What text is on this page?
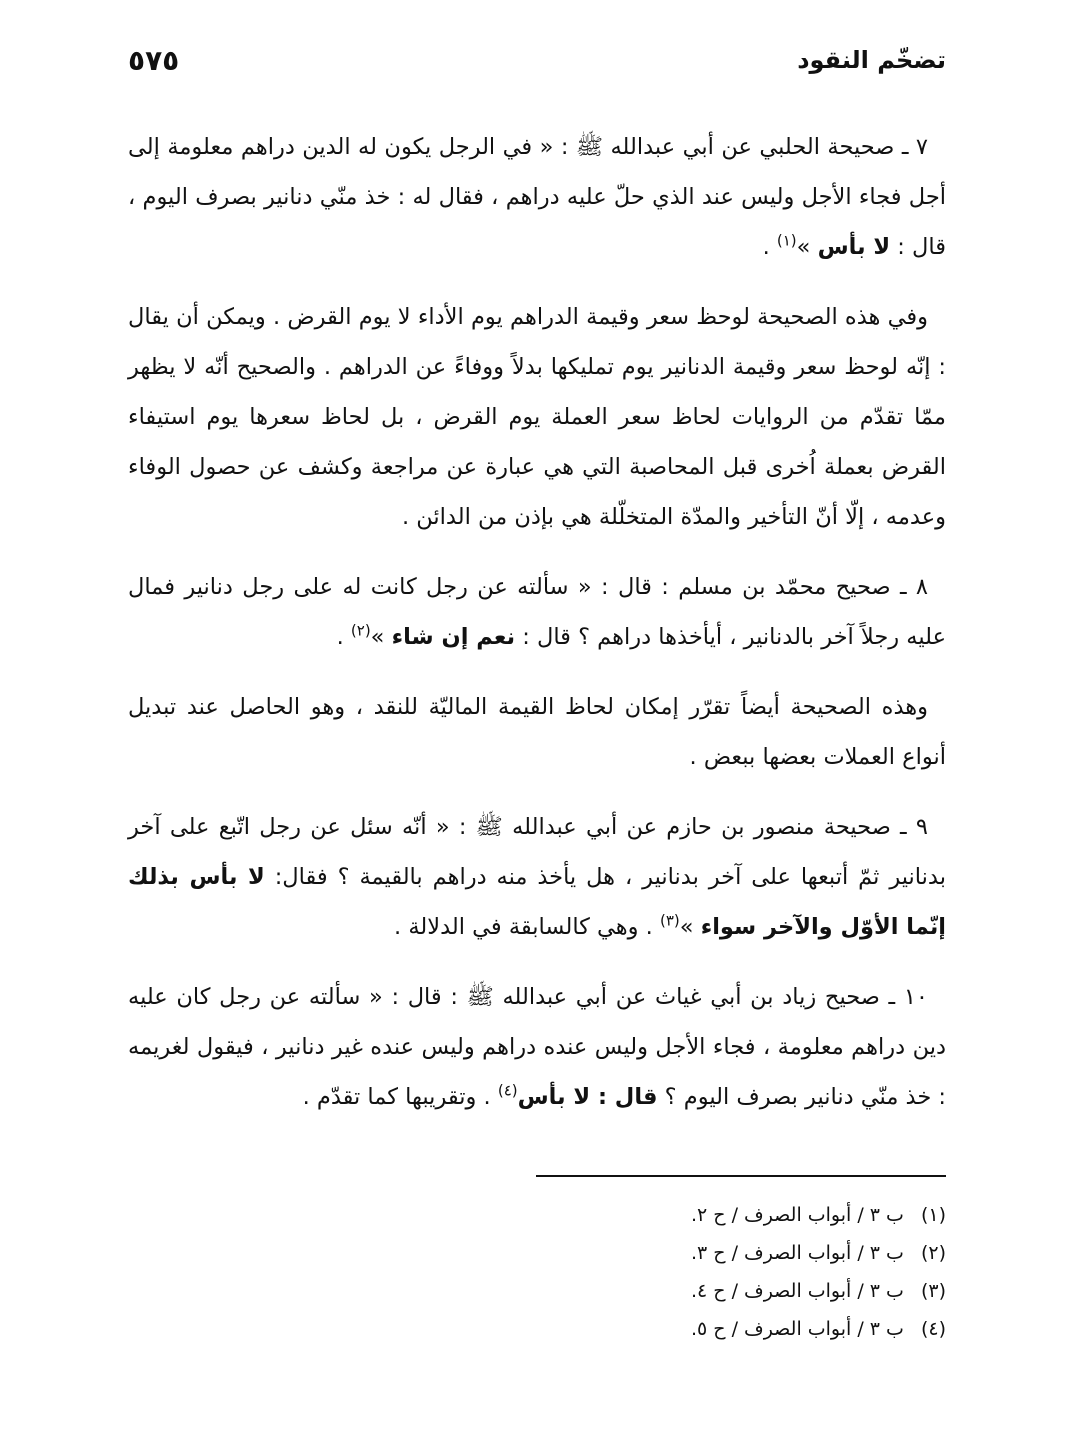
تضخّم النقود
٥٧٥

٧ ـ صحيحة الحلبي عن أبي عبدالله ﷺ : « في الرجل يكون له الدين دراهم معلومة إلى أجل فجاء الأجل وليس عند الذي حلّ عليه دراهم ، فقال له : خذ منّي دنانير بصرف اليوم ، قال : لا بأس »$^{(١)}$ .

وفي هذه الصحيحة لوحظ سعر وقيمة الدراهم يوم الأداء لا يوم القرض . ويمكن أن يقال : إنّه لوحظ سعر وقيمة الدنانير يوم تمليكها بدلاً ووفاءً عن الدراهم . والصحيح أنّه لا يظهر ممّا تقدّم من الروايات لحاظ سعر العملة يوم القرض ، بل لحاظ سعرها يوم استيفاء القرض بعملة اُخرى قبل المحاصبة التي هي عبارة عن مراجعة وكشف عن حصول الوفاء وعدمه ، إلّا أنّ التأخير والمدّة المتخلّلة هي بإذن من الدائن .

٨ ـ صحيح محمّد بن مسلم : قال : « سألته عن رجل كانت له على رجل دنانير فمال عليه رجلاً آخر بالدنانير ، أيأخذها دراهم ؟ قال : نعم إن شاء »$^{(٢)}$ .

وهذه الصحيحة أيضاً تقرّر إمكان لحاظ القيمة الماليّة للنقد ، وهو الحاصل عند تبديل أنواع العملات بعضها ببعض .

٩ ـ صحيحة منصور بن حازم عن أبي عبدالله ﷺ : « أنّه سئل عن رجل اتّبع على آخر بدنانير ثمّ أتبعها على آخر بدنانير ، هل يأخذ منه دراهم بالقيمة ؟ فقال: لا بأس بذلك إنّما الأوّل والآخر سواء »$^{(٣)}$ . وهي كالسابقة في الدلالة .

١٠ ـ صحيح زياد بن أبي غياث عن أبي عبدالله ﷺ : قال : « سألته عن رجل كان عليه دين دراهم معلومة ، فجاء الأجل وليس عنده دراهم وليس عنده غير دنانير ، فيقول لغريمه : خذ منّي دنانير بصرف اليوم ؟ قال : لا بأس$^{(٤)}$ . وتقريبها كما تقدّم .

(١) ب ٣ / أبواب الصرف / ح ٢.
(٢) ب ٣ / أبواب الصرف / ح ٣.
(٣) ب ٣ / أبواب الصرف / ح ٤.
(٤) ب ٣ / أبواب الصرف / ح ٥.
